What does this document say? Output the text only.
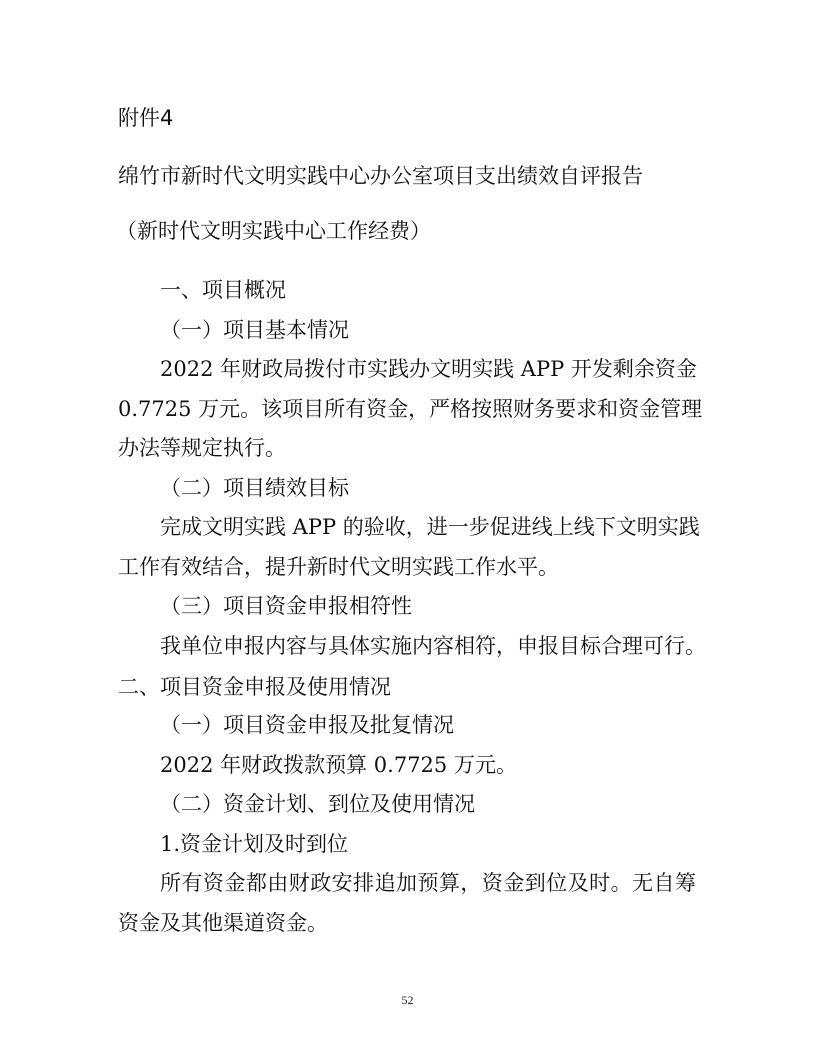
附件4
绵竹市新时代文明实践中心办公室项目支出绩效自评报告
（新时代文明实践中心工作经费）
一、项目概况
（一）项目基本情况
2022 年财政局拨付市实践办文明实践 APP 开发剩余资金
0.7725 万元。该项目所有资金，严格按照财务要求和资金管理
办法等规定执行。
（二）项目绩效目标
完成文明实践 APP 的验收，进一步促进线上线下文明实践
工作有效结合，提升新时代文明实践工作水平。
（三）项目资金申报相符性
我单位申报内容与具体实施内容相符，申报目标合理可行。
二、项目资金申报及使用情况
（一）项目资金申报及批复情况
2022 年财政拨款预算 0.7725 万元。
（二）资金计划、到位及使用情况
1.资金计划及时到位
所有资金都由财政安排追加预算，资金到位及时。无自筹
资金及其他渠道资金。
52
